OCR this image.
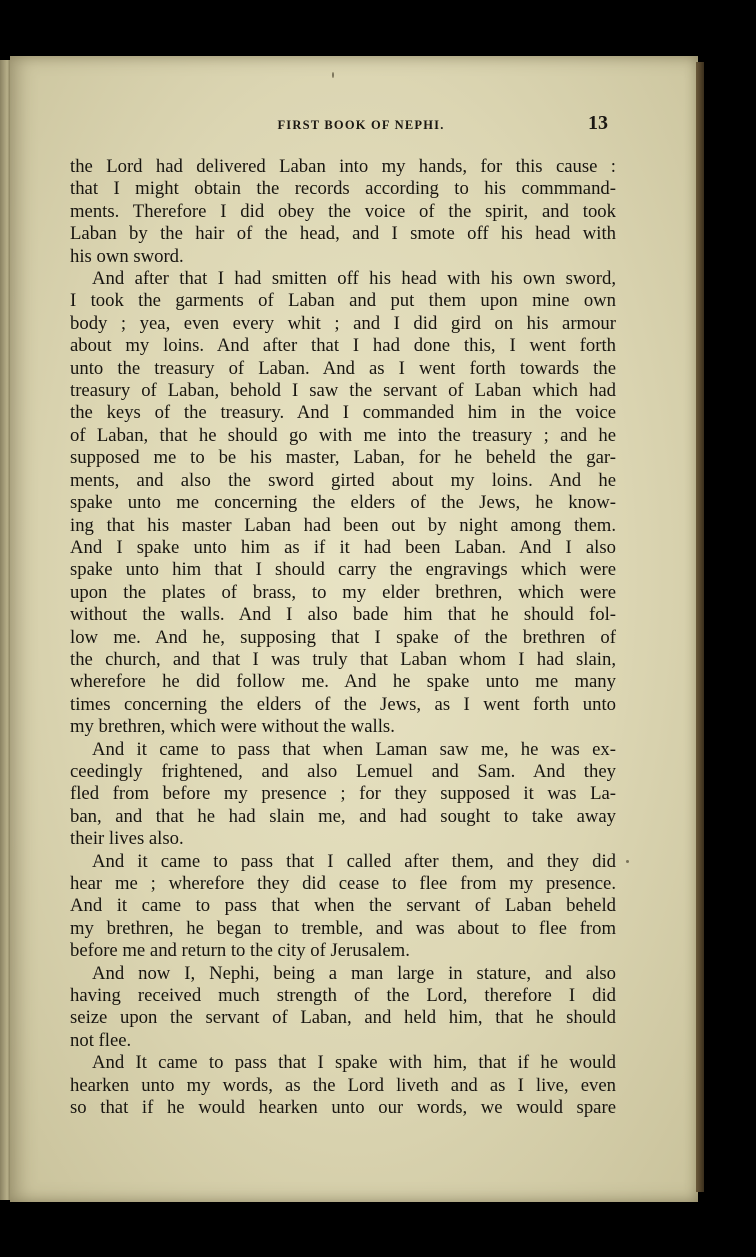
FIRST BOOK OF NEPHI.	13
the Lord had delivered Laban into my hands, for this cause :
that I might obtain the records according to his commmand-
ments. Therefore I did obey the voice of the spirit, and took
Laban by the hair of the head, and I smote off his head with
his own sword.
And after that I had smitten off his head with his own sword,
I took the garments of Laban and put them upon mine own
body ; yea, even every whit ; and I did gird on his armour
about my loins. And after that I had done this, I went forth
unto the treasury of Laban. And as I went forth towards the
treasury of Laban, behold I saw the servant of Laban which had
the keys of the treasury. And I commanded him in the voice
of Laban, that he should go with me into the treasury ; and he
supposed me to be his master, Laban, for he beheld the gar-
ments, and also the sword girted about my loins. And he
spake unto me concerning the elders of the Jews, he know-
ing that his master Laban had been out by night among them.
And I spake unto him as if it had been Laban. And I also
spake unto him that I should carry the engravings which were
upon the plates of brass, to my elder brethren, which were
without the walls. And I also bade him that he should fol-
low me. And he, supposing that I spake of the brethren of
the church, and that I was truly that Laban whom I had slain,
wherefore he did follow me. And he spake unto me many
times concerning the elders of the Jews, as I went forth unto
my brethren, which were without the walls.
And it came to pass that when Laman saw me, he was ex-
ceedingly frightened, and also Lemuel and Sam. And they
fled from before my presence ; for they supposed it was La-
ban, and that he had slain me, and had sought to take away
their lives also.
And it came to pass that I called after them, and they did
hear me ; wherefore they did cease to flee from my presence.
And it came to pass that when the servant of Laban beheld
my brethren, he began to tremble, and was about to flee from
before me and return to the city of Jerusalem.
And now I, Nephi, being a man large in stature, and also
having received much strength of the Lord, therefore I did
seize upon the servant of Laban, and held him, that he should
not flee.
And It came to pass that I spake with him, that if he would
hearken unto my words, as the Lord liveth and as I live, even
so that if he would hearken unto our words, we would spare
